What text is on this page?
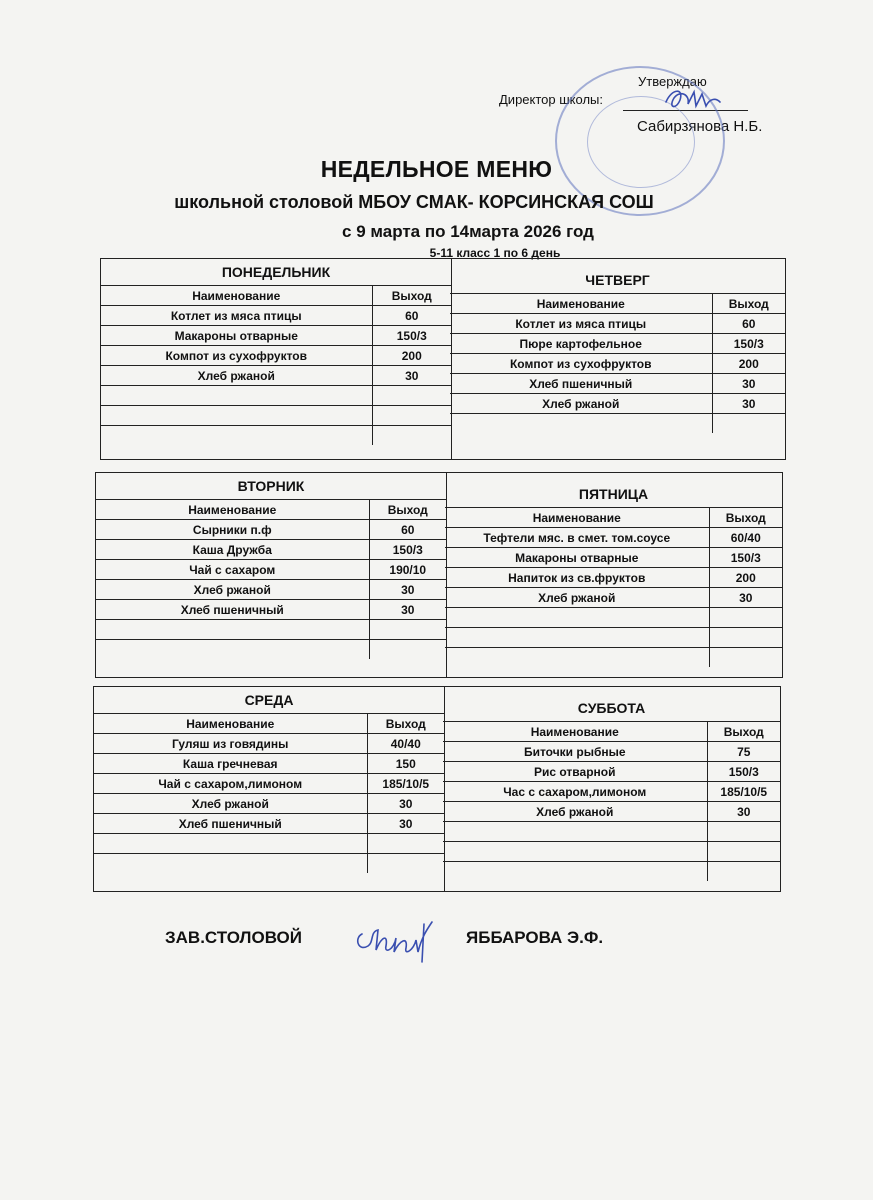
Утверждаю
Директор школы:
Сабирзянова Н.Б.
НЕДЕЛЬНОЕ МЕНЮ
школьной столовой МБОУ СМАК- КОРСИНСКАЯ СОШ
с 9 марта по 14марта 2026 год
5-11 класс 1 по 6 день
ПОНЕДЕЛЬНИК
Наименование	Выход
Котлет из мяса птицы	60
Макароны отварные	150/3
Компот из сухофруктов	200
Хлеб ржаной	30

ЧЕТВЕРГ
Наименование	Выход
Котлет из мяса птицы	60
Пюре картофельное	150/3
Компот из сухофруктов	200
Хлеб пшеничный	30
Хлеб ржаной	30

ВТОРНИК
Наименование	Выход
Сырники п.ф	60
Каша Дружба	150/3
Чай с сахаром	190/10
Хлеб ржаной	30
Хлеб пшеничный	30

ПЯТНИЦА
Наименование	Выход
Тефтели мяс. в смет. том.соусе	60/40
Макароны отварные	150/3
Напиток из св.фруктов	200
Хлеб ржаной	30

СРЕДА
Наименование	Выход
Гуляш из говядины	40/40
Каша гречневая	150
Чай с сахаром,лимоном	185/10/5
Хлеб ржаной	30
Хлеб пшеничный	30

СУББОТА
Наименование	Выход
Биточки рыбные	75
Рис отварной	150/3
Час с сахаром,лимоном	185/10/5
Хлеб ржаной	30

ЗАВ.СТОЛОВОЙ	ЯББАРОВА Э.Ф.
